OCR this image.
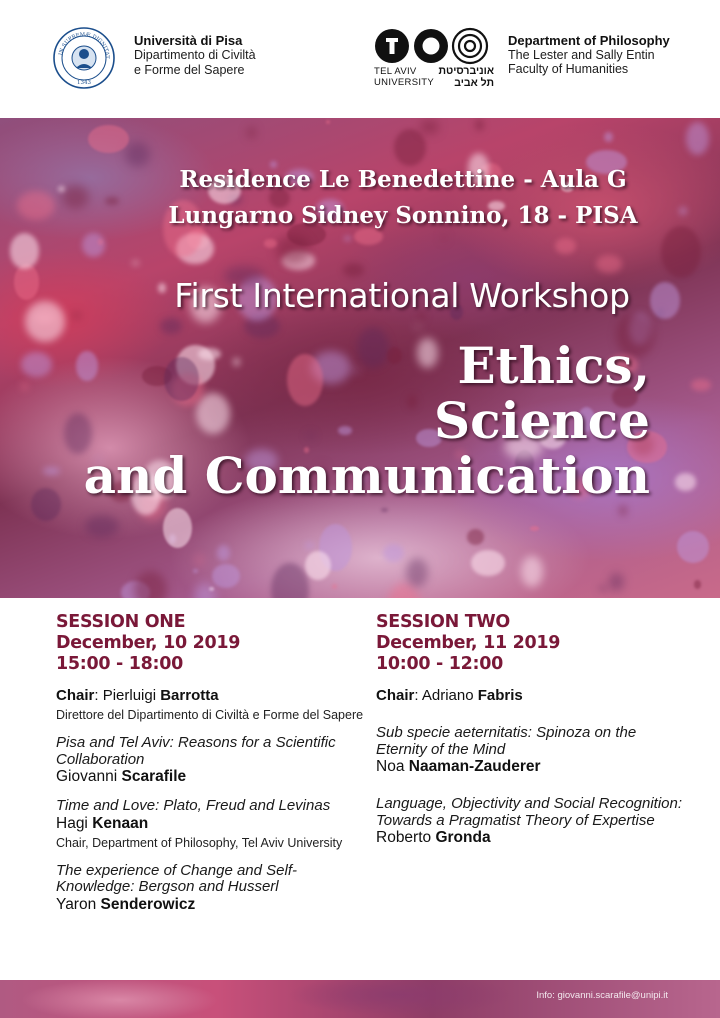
IN SUPREMÆ DIGNITAT
1343
Università di Pisa
Dipartimento di Civiltà
e Forme del Sapere	TEL AVIV
UNIVERSITY
אוניברסיטת
תל אביב
Department of Philosophy
The Lester and Sally Entin
Faculty of Humanities
Residence Le Benedettine - Aula G
Lungarno Sidney Sonnino, 18 - PISA
First International Workshop
Ethics,
Science
and Communication
SESSION ONE
December, 10 2019
15:00 - 18:00
Chair: Pierluigi Barrotta
Direttore del Dipartimento di Civiltà e Forme del Sapere
Pisa and Tel Aviv: Reasons for a Scientific Collaboration
Giovanni Scarafile
Time and Love: Plato, Freud and Levinas
Hagi Kenaan
Chair, Department of Philosophy, Tel Aviv University
The experience of Change and Self-Knowledge: Bergson and Husserl
Yaron Senderowicz
SESSION TWO
December, 11 2019
10:00 - 12:00
Chair: Adriano Fabris
Sub specie aeternitatis: Spinoza on the Eternity of the Mind
Noa Naaman-Zauderer
Language, Objectivity and Social Recognition: Towards a Pragmatist Theory of Expertise
Roberto Gronda
Info: giovanni.scarafile@unipi.it
